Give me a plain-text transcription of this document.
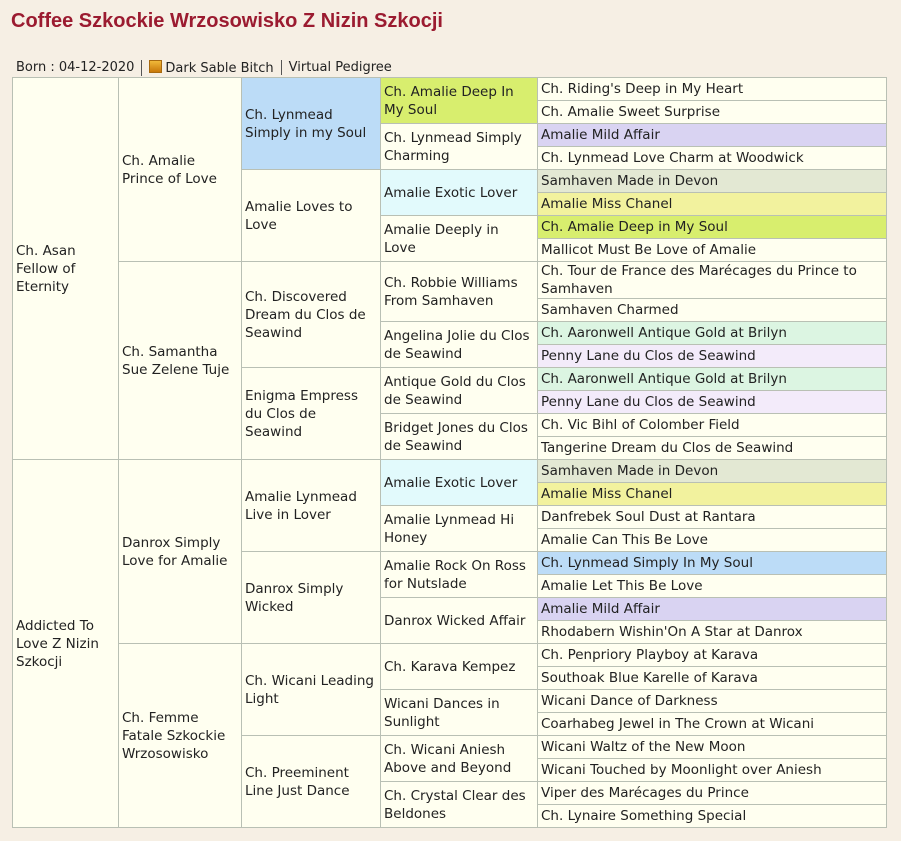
Coffee Szkockie Wrzosowisko Z Nizin Szkocji
Born : 04-12-2020	Dark Sable Bitch	Virtual Pedigree
Ch. Asan Fellow of Eternity	Ch. Amalie Prince of Love	Ch. Lynmead Simply in my Soul	Ch. Amalie Deep In My Soul	Ch. Riding's Deep in My Heart
				Ch. Amalie Sweet Surprise
			Ch. Lynmead Simply Charming	Amalie Mild Affair
				Ch. Lynmead Love Charm at Woodwick
		Amalie Loves to Love	Amalie Exotic Lover	Samhaven Made in Devon
				Amalie Miss Chanel
			Amalie Deeply in Love	Ch. Amalie Deep in My Soul
				Mallicot Must Be Love of Amalie
	Ch. Samantha Sue Zelene Tuje	Ch. Discovered Dream du Clos de Seawind	Ch. Robbie Williams From Samhaven	Ch. Tour de France des Marécages du Prince to Samhaven
				Samhaven Charmed
			Angelina Jolie du Clos de Seawind	Ch. Aaronwell Antique Gold at Brilyn
				Penny Lane du Clos de Seawind
		Enigma Empress du Clos de Seawind	Antique Gold du Clos de Seawind	Ch. Aaronwell Antique Gold at Brilyn
				Penny Lane du Clos de Seawind
			Bridget Jones du Clos de Seawind	Ch. Vic Bihl of Colomber Field
				Tangerine Dream du Clos de Seawind
Addicted To Love Z Nizin Szkocji	Danrox Simply Love for Amalie	Amalie Lynmead Live in Lover	Amalie Exotic Lover	Samhaven Made in Devon
				Amalie Miss Chanel
			Amalie Lynmead Hi Honey	Danfrebek Soul Dust at Rantara
				Amalie Can This Be Love
		Danrox Simply Wicked	Amalie Rock On Ross for Nutslade	Ch. Lynmead Simply In My Soul
				Amalie Let This Be Love
			Danrox Wicked Affair	Amalie Mild Affair
				Rhodabern Wishin'On A Star at Danrox
	Ch. Femme Fatale Szkockie Wrzosowisko	Ch. Wicani Leading Light	Ch. Karava Kempez	Ch. Penpriory Playboy at Karava
				Southoak Blue Karelle of Karava
			Wicani Dances in Sunlight	Wicani Dance of Darkness
				Coarhabeg Jewel in The Crown at Wicani
		Ch. Preeminent Line Just Dance	Ch. Wicani Aniesh Above and Beyond	Wicani Waltz of the New Moon
				Wicani Touched by Moonlight over Aniesh
			Ch. Crystal Clear des Beldones	Viper des Marécages du Prince
				Ch. Lynaire Something Special
